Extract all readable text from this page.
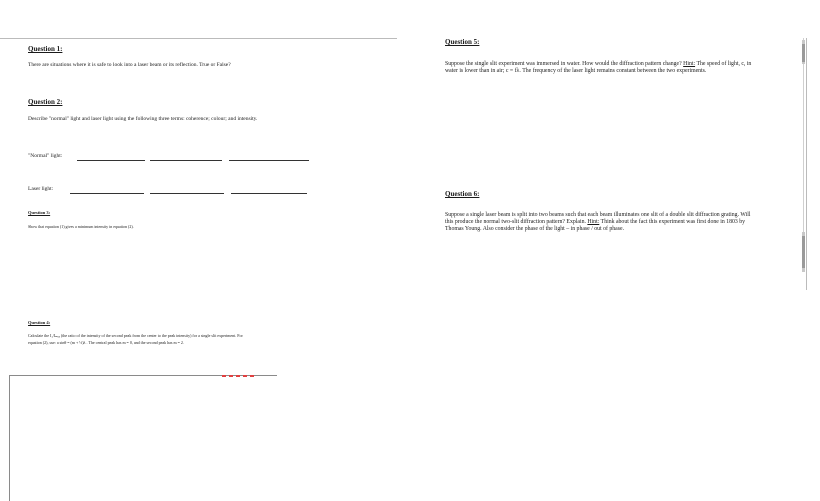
Question 1:
There are situations where it is safe to look into a laser beam or its reflection. True or False?
Question 2:
Describe "normal" light and laser light using the following three terms: coherence; colour; and intensity.
"Normal" light:
Laser light:
Question 3:
Show that equation (1) gives a minimum intensity in equation (2).
Question 4:
Calculate the I₁/Iₘₐₓ (the ratio of the intensity of the second peak from the center to the peak intensity) for a single slit experiment. For equation (2), use: a sinθ = (m + ½)λ . The central peak has m = 0, and the second peak has m = 2.
Question 5:
Suppose the single slit experiment was immersed in water. How would the diffraction pattern change? Hint: The speed of light, c, in water is lower than in air; c = fλ. The frequency of the laser light remains constant between the two experiments.
Question 6:
Suppose a single laser beam is split into two beams such that each beam illuminates one slit of a double slit diffraction grating. Will this produce the normal two-slit diffraction pattern? Explain. Hint: Think about the fact this experiment was first done in 1803 by Thomas Young. Also consider the phase of the light – in phase / out of phase.
